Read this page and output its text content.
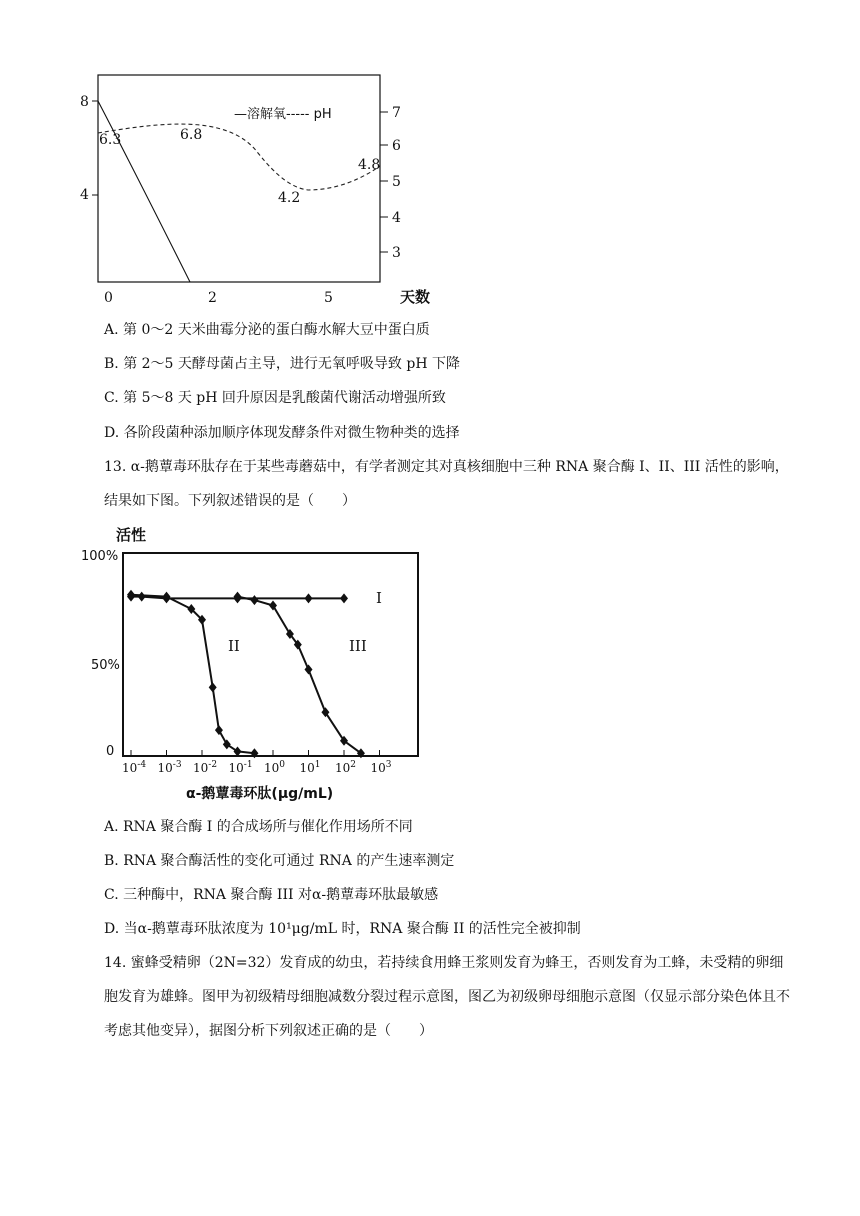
8
4
7
6
5
4
3
0	2	5	天数
6.3	6.8
4.2
4.8
—溶解氧----- pH
A. 第 0～2 天米曲霉分泌的蛋白酶水解大豆中蛋白质
B. 第 2～5 天酵母菌占主导，进行无氧呼吸导致 pH 下降
C. 第 5～8 天 pH 回升原因是乳酸菌代谢活动增强所致
D. 各阶段菌种添加顺序体现发酵条件对微生物种类的选择
13. α-鹅蕈毒环肽存在于某些毒蘑菇中，有学者测定其对真核细胞中三种 RNA 聚合酶 I、II、III 活性的影响，结果如下图。下列叙述错误的是（　　）
活性
100%
50%
0
$10^{-4}$ $10^{-3}$ $10^{-2}$ $10^{-1}$ $10^0$ $10^1$ $10^2$ $10^3$
I
II	III
α-鹅蕈毒环肽(μg/mL)
A. RNA 聚合酶 I 的合成场所与催化作用场所不同
B. RNA 聚合酶活性的变化可通过 RNA 的产生速率测定
C. 三种酶中，RNA 聚合酶 III 对α-鹅蕈毒环肽最敏感
D. 当α-鹅蕈毒环肽浓度为 10¹μg/mL 时，RNA 聚合酶 II 的活性完全被抑制
14. 蜜蜂受精卵（2N=32）发育成的幼虫，若持续食用蜂王浆则发育为蜂王，否则发育为工蜂，未受精的卵细胞发育为雄蜂。图甲为初级精母细胞减数分裂过程示意图，图乙为初级卵母细胞示意图（仅显示部分染色体且不考虑其他变异），据图分析下列叙述正确的是（　　）
